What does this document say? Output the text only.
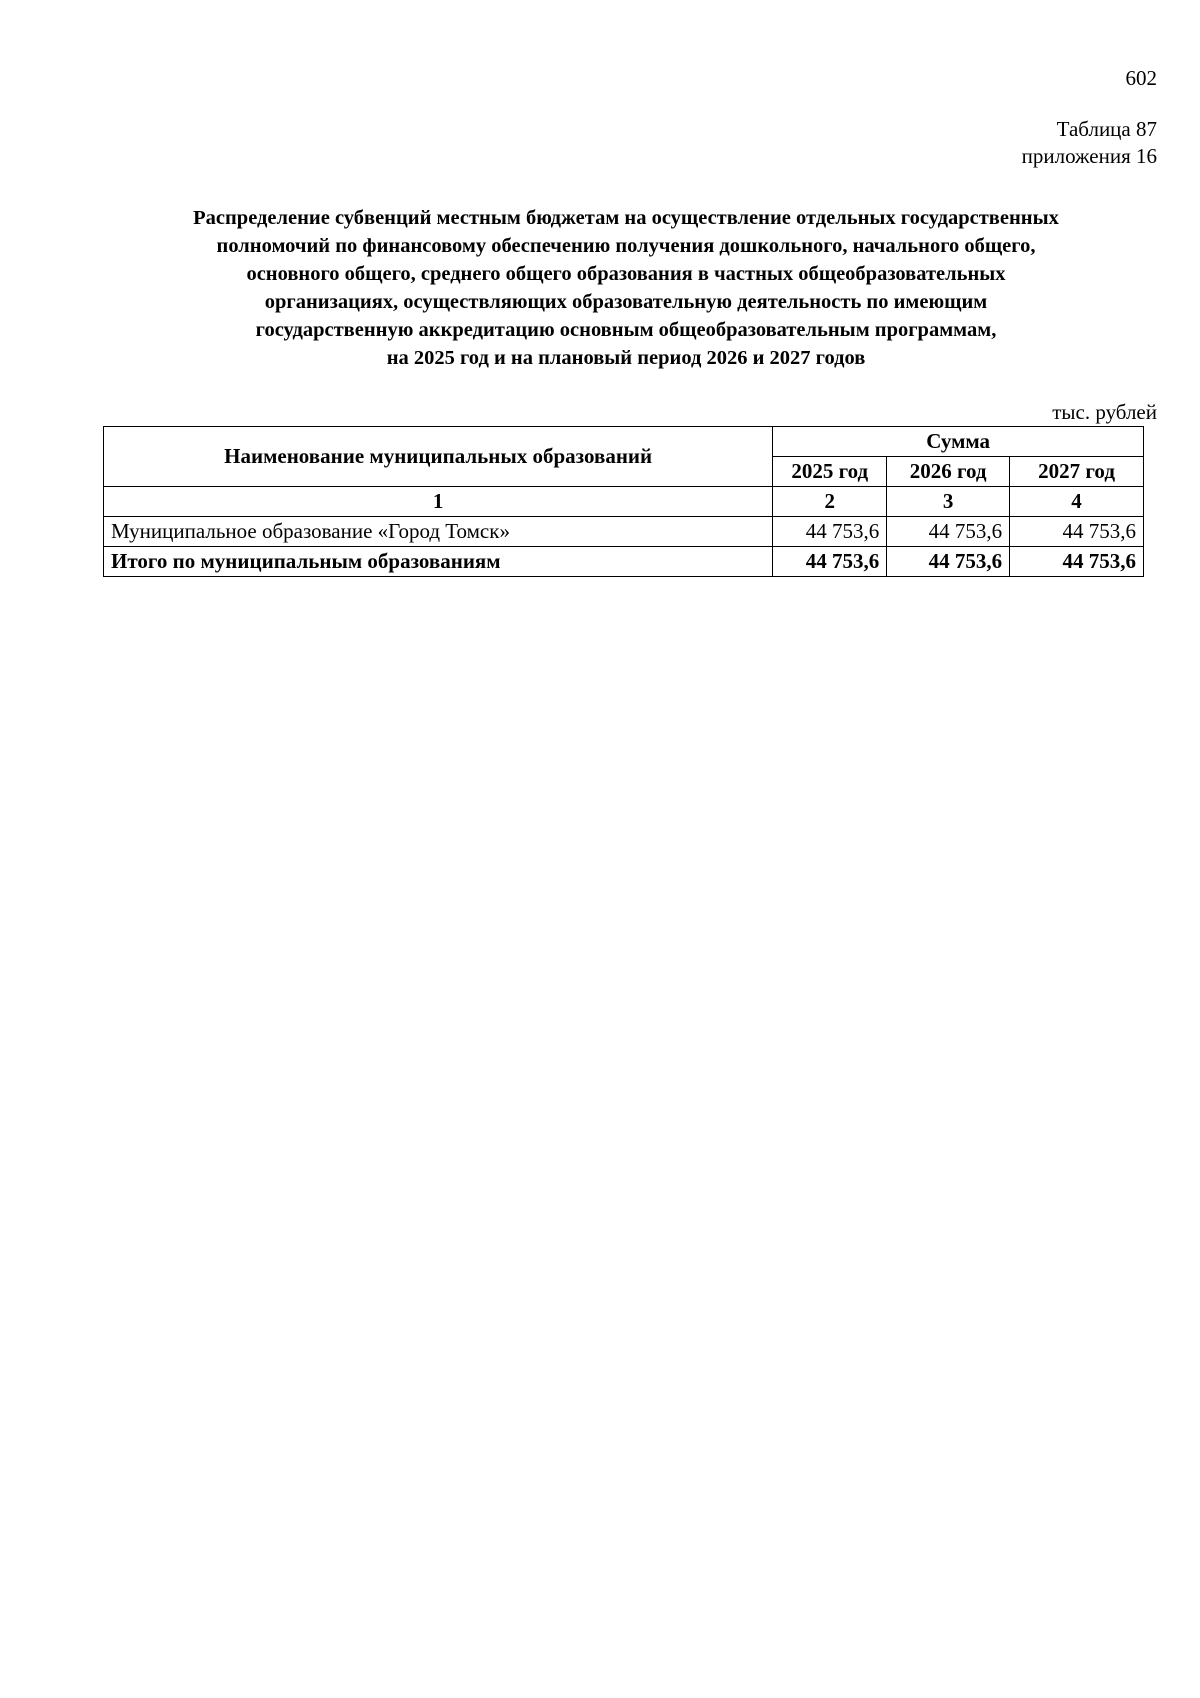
602
Таблица 87
приложения 16
Распределение субвенций местным бюджетам на осуществление отдельных государственных
полномочий по финансовому обеспечению получения дошкольного, начального общего,
основного общего, среднего общего образования в частных общеобразовательных
организациях, осуществляющих образовательную деятельность по имеющим
государственную аккредитацию основным общеобразовательным программам,
на 2025 год и на плановый период 2026 и 2027 годов
тыс. рублей
Наименование муниципальных образований	Сумма		
	2025 год	2026 год	2027 год
1	2	3	4
Муниципальное образование «Город Томск»	44 753,6	44 753,6	44 753,6
Итого по муниципальным образованиям	44 753,6	44 753,6	44 753,6
